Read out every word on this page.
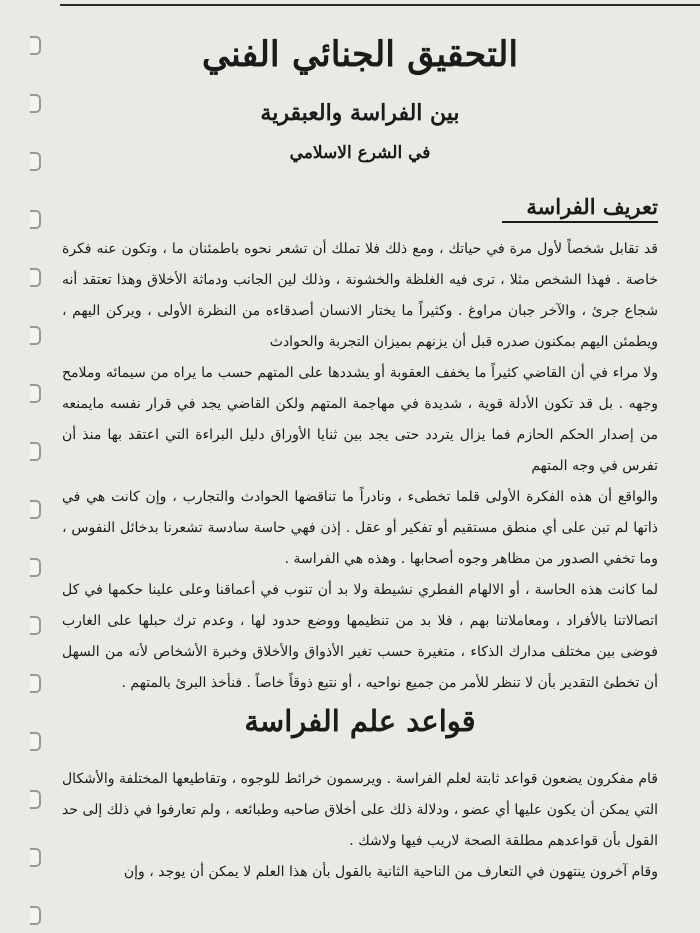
التحقيق الجنائي الفني
بين الفراسة والعبقرية
في الشرع الاسلامي
تعريف الفراسة

قد تقابل شخصاً لأول مرة في حياتك ، ومع ذلك فلا تملك أن تشعر نحوه باطمئنان ما ، وتكون عنه فكرة خاصة . فهذا الشخص مثلا ، ترى فيه الغلظة والخشونة ، وذلك لين الجانب ودماثة الأخلاق وهذا تعتقد أنه شجاع جرئ ، والآخر جبان مراوغ . وكثيراً ما يختار الانسان أصدقاءه من النظرة الأولى ، ويركن اليهم ، ويطمئن اليهم بمكنون صدره قبل أن يزنهم بميزان التجربة والحوادث

ولا مراء في أن القاضي كثيراً ما يخفف العقوبة أو يشددها على المتهم حسب ما يراه من سيمائه وملامح وجهه . بل قد تكون الأدلة قوية ، شديدة في مهاجمة المتهم ولكن القاضي يجد في قرار نفسه مايمنعه من إصدار الحكم الحازم فما يزال يتردد حتى يجد بين ثنايا الأوراق دليل البراءة التي اعتقد بها منذ أن تفرس في وجه المتهم

والواقع أن هذه الفكرة الأولى قلما تخطىء ، ونادراً ما تناقضها الحوادث والتجارب ، وإن كانت هي في ذاتها لم تبن على أي منطق مستقيم أو تفكير أو عقل . إذن فهي حاسة سادسة تشعرنا بدخائل النفوس ، وما تخفي الصدور من مظاهر وجوه أصحابها . وهذه هي الفراسة .

لما كانت هذه الحاسة ، أو الالهام الفطري نشيطة ولا بد أن تنوب في أعماقنا وعلى علينا حكمها في كل اتصالاتنا بالأفراد ، ومعاملاتنا بهم ، فلا بد من تنظيمها ووضع حدود لها ، وعدم ترك حبلها على الغارب فوضى بين مختلف مدارك الذكاء ، متغيرة حسب تغير الأذواق والأخلاق وخبرة الأشخاص لأنه من السهل أن تخطئ التقدير بأن لا تنظر للأمر من جميع نواحيه ، أو نتبع ذوقاً خاصاً . فنأخذ البرئ بالمتهم .

قواعد علم الفراسة

قام مفكرون يضعون قواعد ثابتة لعلم الفراسة . ويرسمون خرائط للوجوه ، وتقاطيعها المختلفة والأشكال التي يمكن أن يكون عليها أي عضو ، ودلالة ذلك على أخلاق صاحبه وطبائعه ، ولم تعارفوا في ذلك إلى حد القول بأن قواعدهم مطلقة الصحة لاريب فيها ولاشك .

وقام آخرون ينتهون في التعارف من الناحية الثانية بالقول بأن هذا العلم لا يمكن أن يوجد ، وإن
